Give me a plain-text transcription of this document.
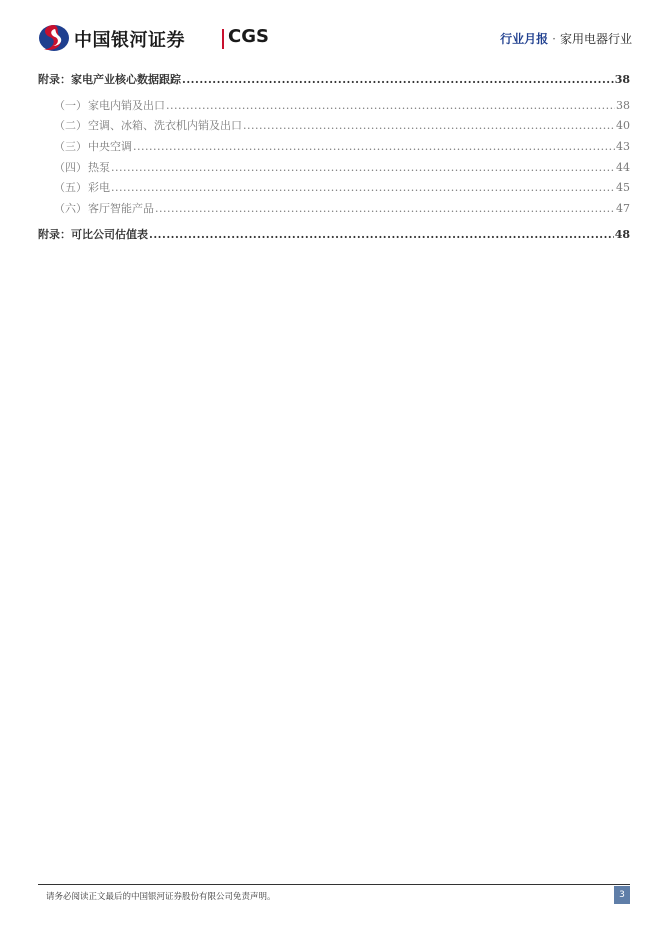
中国银河证券 CGS	行业月报 · 家用电器行业
附录：家电产业核心数据跟踪 .....	38
（一）家电内销及出口 .....	38
（二）空调、冰箱、洗衣机内销及出口 .....	40
（三）中央空调 .....	43
（四）热泵 .....	44
（五）彩电 .....	45
（六）客厅智能产品 .....	47
附录：可比公司估值表 .....	48
请务必阅读正文最后的中国银河证券股份有限公司免责声明。	3
